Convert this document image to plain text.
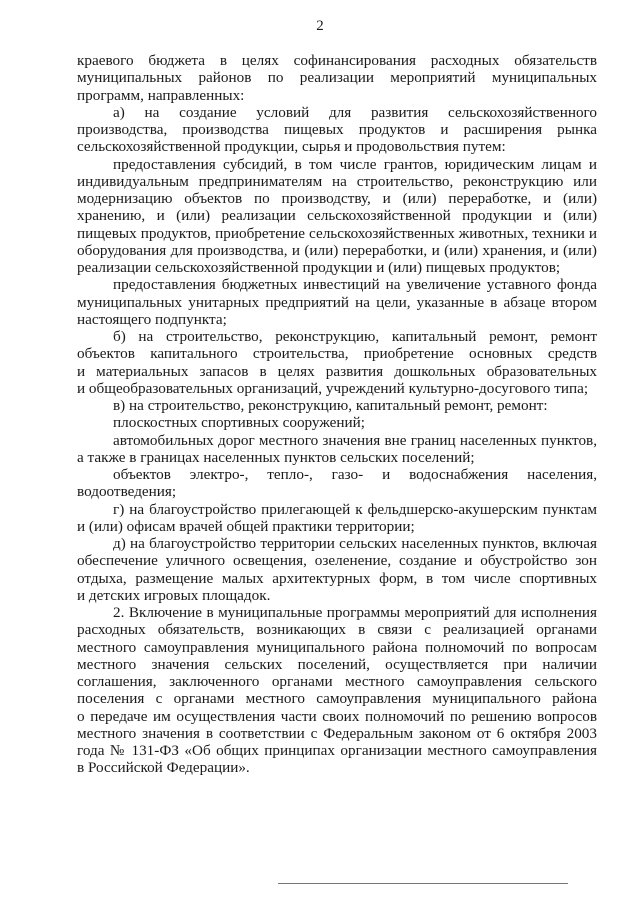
2
краевого бюджета в целях софинансирования расходных обязательств
муниципальных районов по реализации мероприятий муниципальных
программ, направленных:
а) на создание условий для развития сельскохозяйственного
производства, производства пищевых продуктов и расширения рынка
сельскохозяйственной продукции, сырья и продовольствия путем:
предоставления субсидий, в том числе грантов, юридическим лицам и
индивидуальным предпринимателям на строительство, реконструкцию или
модернизацию объектов по производству, и (или) переработке, и (или)
хранению, и (или) реализации сельскохозяйственной продукции и (или)
пищевых продуктов, приобретение сельскохозяйственных животных, техники и
оборудования для производства, и (или) переработки, и (или) хранения, и (или)
реализации сельскохозяйственной продукции и (или) пищевых продуктов;
предоставления бюджетных инвестиций на увеличение уставного фонда
муниципальных унитарных предприятий на цели, указанные в абзаце втором
настоящего подпункта;
б) на строительство, реконструкцию, капитальный ремонт, ремонт
объектов капитального строительства, приобретение основных средств
и материальных запасов в целях развития дошкольных образовательных
и общеобразовательных организаций, учреждений культурно-досугового типа;
в) на строительство, реконструкцию, капитальный ремонт, ремонт:
плоскостных спортивных сооружений;
автомобильных дорог местного значения вне границ населенных пунктов,
а также в границах населенных пунктов сельских поселений;
объектов электро-, тепло-, газо- и водоснабжения населения,
водоотведения;
г) на благоустройство прилегающей к фельдшерско-акушерским пунктам
и (или) офисам врачей общей практики территории;
д) на благоустройство территории сельских населенных пунктов, включая
обеспечение уличного освещения, озеленение, создание и обустройство зон
отдыха, размещение малых архитектурных форм, в том числе спортивных
и детских игровых площадок.
2. Включение в муниципальные программы мероприятий для исполнения
расходных обязательств, возникающих в связи с реализацией органами
местного самоуправления муниципального района полномочий по вопросам
местного значения сельских поселений, осуществляется при наличии
соглашения, заключенного органами местного самоуправления сельского
поселения с органами местного самоуправления муниципального района
о передаче им осуществления части своих полномочий по решению вопросов
местного значения в соответствии с Федеральным законом от 6 октября 2003
года № 131-ФЗ «Об общих принципах организации местного самоуправления
в Российской Федерации».
